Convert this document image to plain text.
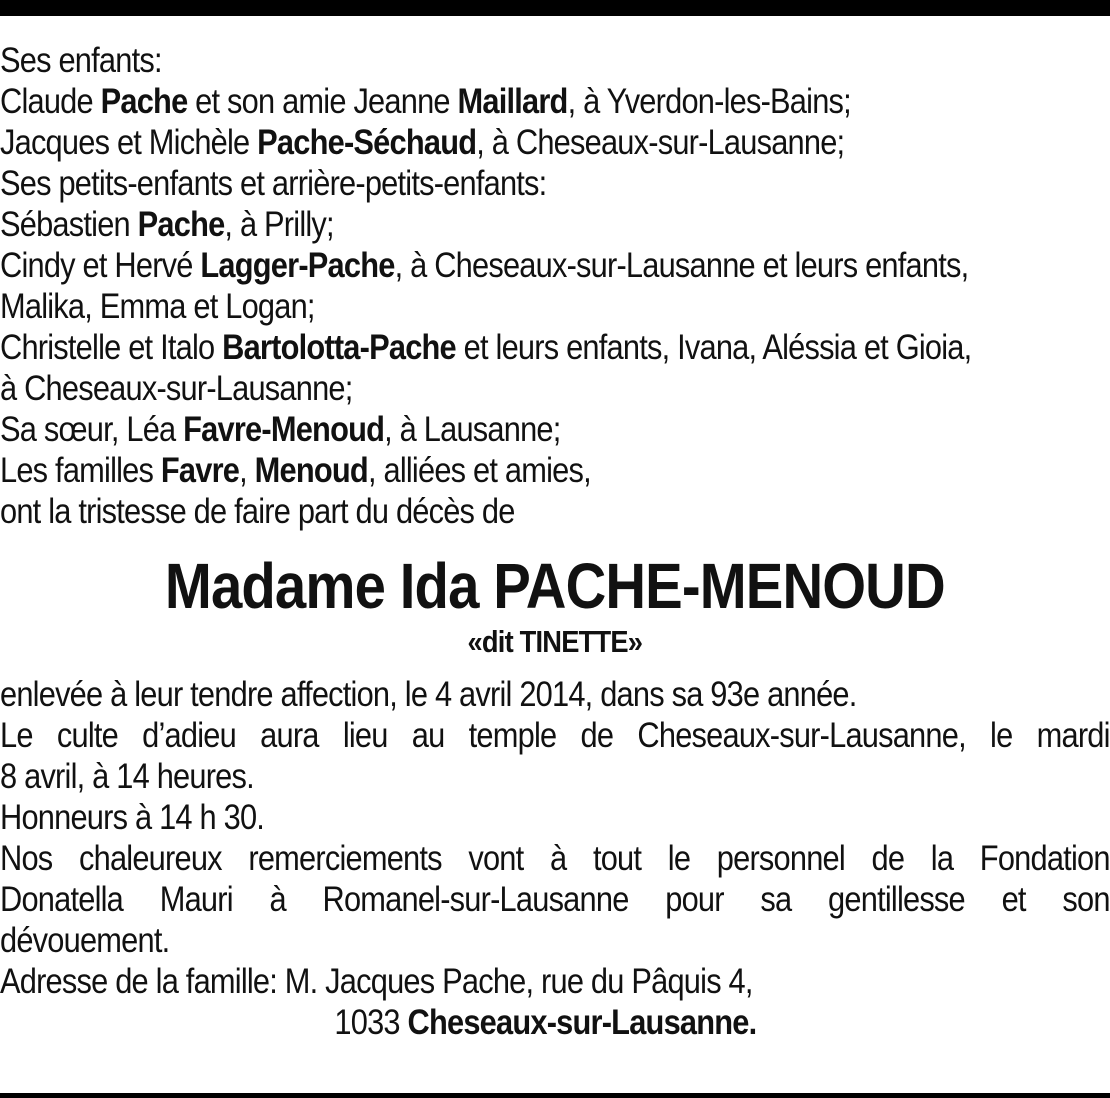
Ses enfants:
Claude Pache et son amie Jeanne Maillard, à Yverdon-les-Bains;
Jacques et Michèle Pache-Séchaud, à Cheseaux-sur-Lausanne;
Ses petits-enfants et arrière-petits-enfants:
Sébastien Pache, à Prilly;
Cindy et Hervé Lagger-Pache, à Cheseaux-sur-Lausanne et leurs enfants,
Malika, Emma et Logan;
Christelle et Italo Bartolotta-Pache et leurs enfants, Ivana, Aléssia et Gioia,
à Cheseaux-sur-Lausanne;
Sa sœur, Léa Favre-Menoud, à Lausanne;
Les familles Favre, Menoud, alliées et amies,
ont la tristesse de faire part du décès de
Madame Ida PACHE-MENOUD
«dit TINETTE»
enlevée à leur tendre affection, le 4 avril 2014, dans sa 93e année.
Le culte d’adieu aura lieu au temple de Cheseaux-sur-Lausanne, le mardi
8 avril, à 14 heures.
Honneurs à 14 h 30.
Nos chaleureux remerciements vont à tout le personnel de la Fondation
Donatella Mauri à Romanel-sur-Lausanne pour sa gentillesse et son
dévouement.
Adresse de la famille: M. Jacques Pache, rue du Pâquis 4,
1033 Cheseaux-sur-Lausanne.
